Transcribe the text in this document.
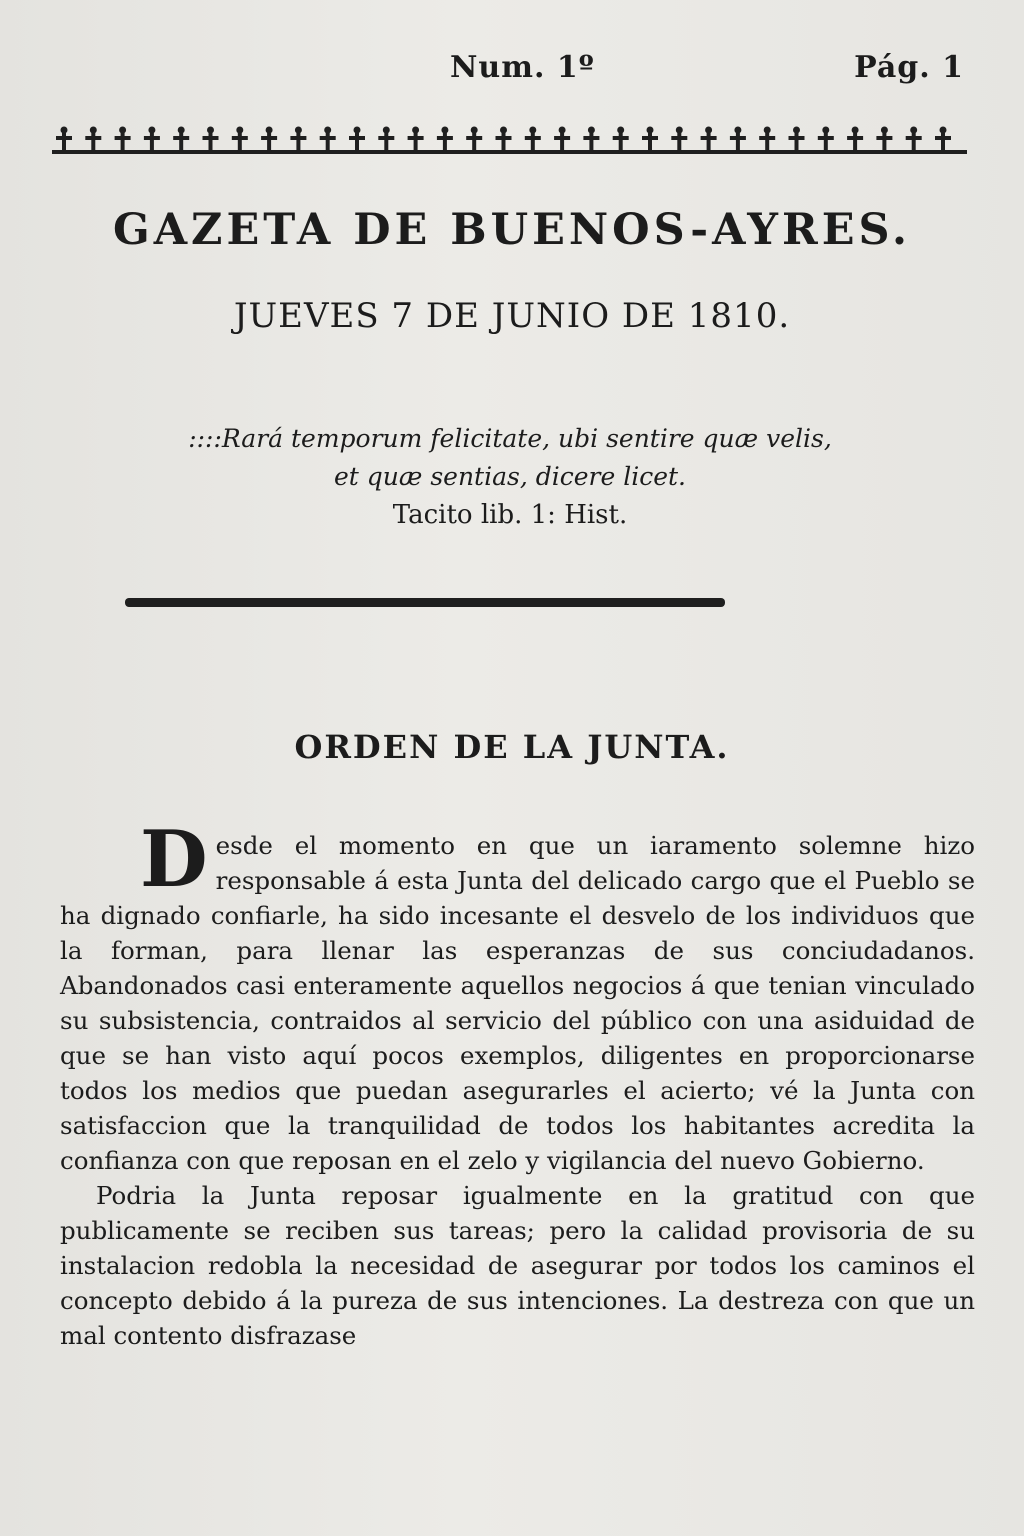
Num. 1º	Pág. 1
GAZETA DE BUENOS-AYRES.
JUEVES 7 DE JUNIO DE 1810.
::::Rará temporum felicitate, ubi sentire quæ velis,
et quæ sentias, dicere licet.
Tacito lib. 1: Hist.
ORDEN DE LA JUNTA.

Desde el momento en que un iaramento solemne hizo responsable á esta Junta del delicado cargo que el Pueblo se ha dignado confiarle, ha sido incesante el desvelo de los individuos que la forman, para llenar las esperanzas de sus conciudadanos. Abandonados casi enteramente aquellos negocios á que tenian vinculado su subsistencia, contraidos al servicio del público con una asiduidad de que se han visto aquí pocos exemplos, diligentes en proporcionarse todos los medios que puedan asegurarles el acierto; vé la Junta con satisfaccion que la tranquilidad de todos los habitantes acredita la confianza con que reposan en el zelo y vigilancia del nuevo Gobierno.

Podria la Junta reposar igualmente en la gratitud con que publicamente se reciben sus tareas; pero la calidad provisoria de su instalacion redobla la necesidad de asegurar por todos los caminos el concepto debido á la pureza de sus intenciones. La destreza con que un mal contento disfrazase
